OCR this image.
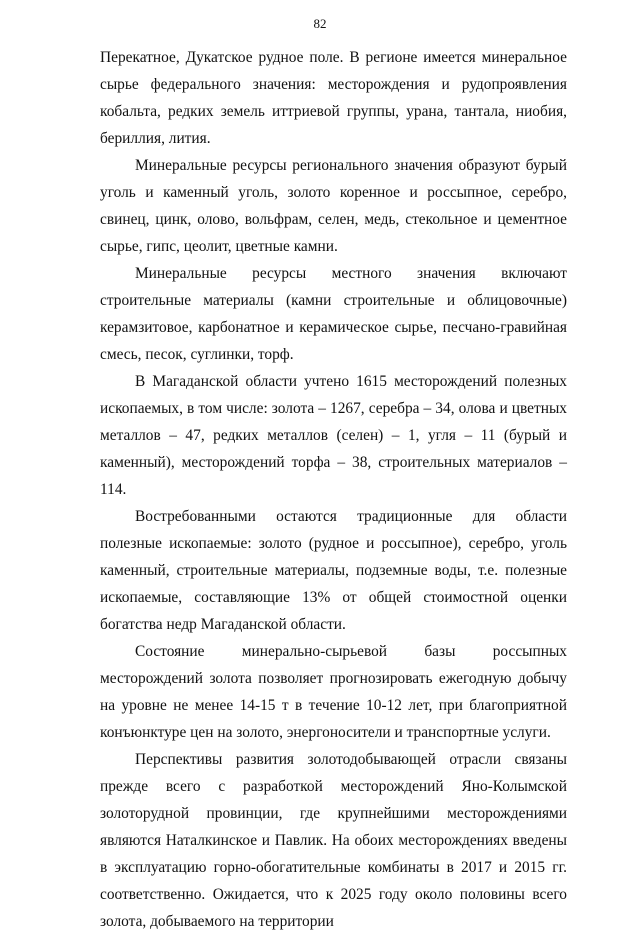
82

Перекатное, Дукатское рудное поле. В регионе имеется минеральное сырье федерального значения: месторождения и рудопроявления кобальта, редких земель иттриевой группы, урана, тантала, ниобия, бериллия, лития.

Минеральные ресурсы регионального значения образуют бурый уголь и каменный уголь, золото коренное и россыпное, серебро, свинец, цинк, олово, вольфрам, селен, медь, стекольное и цементное сырье, гипс, цеолит, цветные камни.

Минеральные ресурсы местного значения включают строительные материалы (камни строительные и облицовочные) керамзитовое, карбонатное и керамическое сырье, песчано-гравийная смесь, песок, суглинки, торф.

В Магаданской области учтено 1615 месторождений полезных ископаемых, в том числе: золота – 1267, серебра – 34, олова и цветных металлов – 47, редких металлов (селен) – 1, угля – 11 (бурый и каменный), месторождений торфа – 38, строительных материалов – 114.

Востребованными остаются традиционные для области полезные ископаемые: золото (рудное и россыпное), серебро, уголь каменный, строительные материалы, подземные воды, т.е. полезные ископаемые, составляющие 13% от общей стоимостной оценки богатства недр Магаданской области.

Состояние минерально-сырьевой базы россыпных месторождений золота позволяет прогнозировать ежегодную добычу на уровне не менее 14-15 т в течение 10-12 лет, при благоприятной конъюнктуре цен на золото, энергоносители и транспортные услуги.

Перспективы развития золотодобывающей отрасли связаны прежде всего с разработкой месторождений Яно-Колымской золоторудной провинции, где крупнейшими месторождениями являются Наталкинское и Павлик. На обоих месторождениях введены в эксплуатацию горно-обогатительные комбинаты в 2017 и 2015 гг. соответственно. Ожидается, что к 2025 году около половины всего золота, добываемого на территории
